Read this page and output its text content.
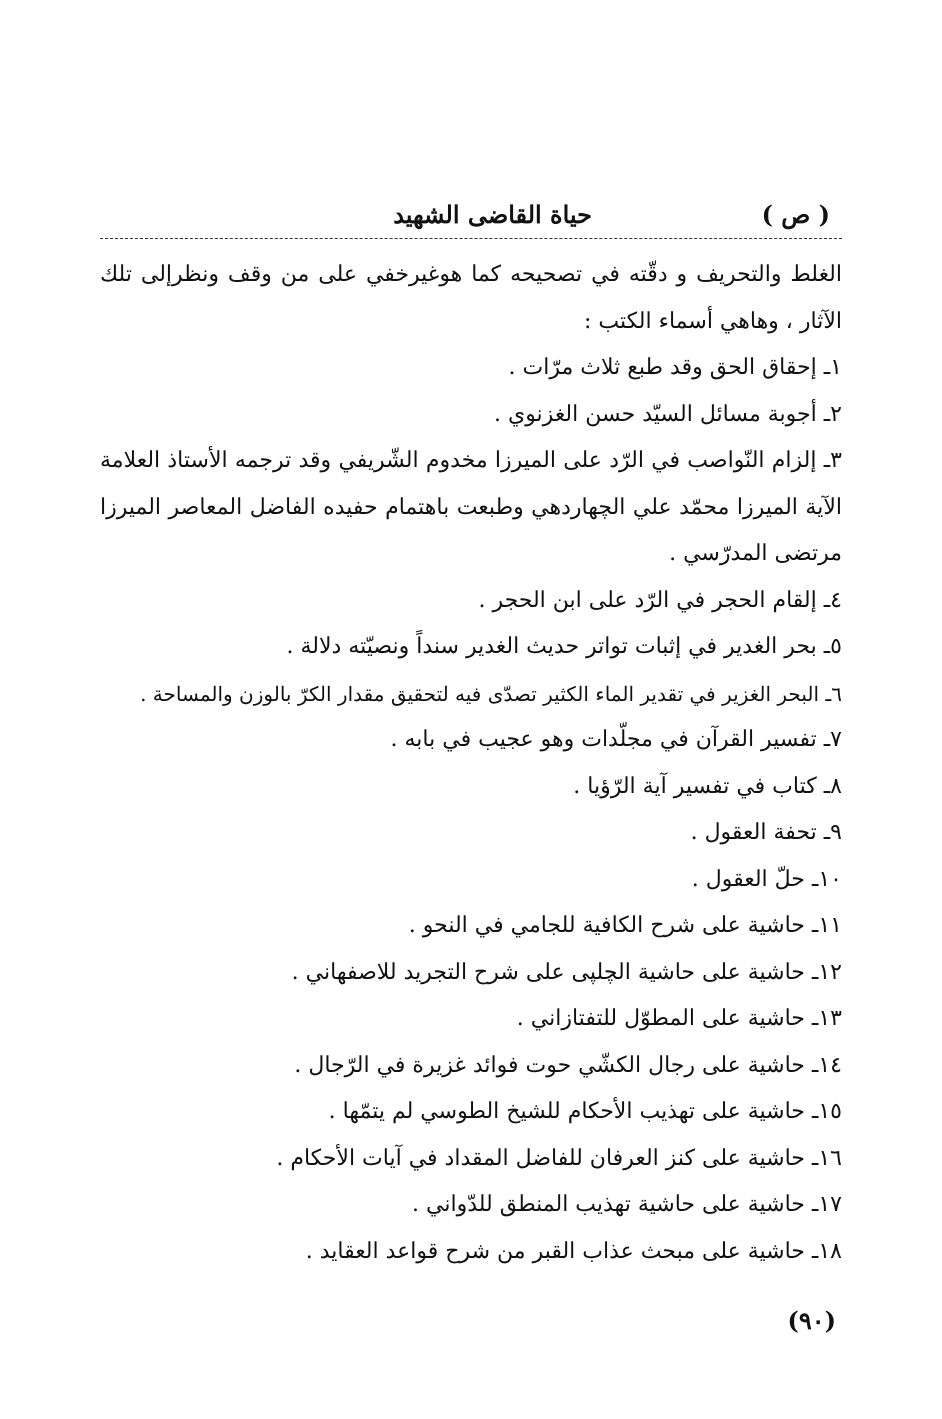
( ص )
حياة القاضى الشهيد

الغلط والتحريف و دقّته في تصحيحه كما هوغيرخفي على من وقف ونظرإلى تلك

الآثار ، وهاهي أسماء الكتب :

١ ـ إحقاق الحق وقد طبع ثلاث مرّات .
٢ ـ أجوبة مسائل السيّد حسن الغزنوي .
٣ ـ إلزام النّواصب في الرّد على الميرزا مخدوم الشّريفي وقد ترجمه الأستاذ العلامة الآية الميرزا محمّد علي الچهاردهي وطبعت باهتمام حفيده الفاضل المعاصر الميرزا مرتضى المدرّسي .
٤ ـ إلقام الحجر في الرّد على ابن الحجر .
٥ ـ بحر الغدير في إثبات تواتر حديث الغدير سنداً ونصيّته دلالة .
٦ ـ البحر الغزير في تقدير الماء الكثير تصدّى فيه لتحقيق مقدار الكرّ بالوزن والمساحة .
٧ ـ تفسير القرآن في مجلّدات وهو عجيب في بابه .
٨ ـ كتاب في تفسير آية الرّؤيا .
٩ ـ تحفة العقول .
١٠ ـ حلّ العقول .
١١ ـ حاشية على شرح الكافية للجامي في النحو .
١٢ ـ حاشية على حاشية الچلپى على شرح التجريد للاصفهاني .
١٣ ـ حاشية على المطوّل للتفتازاني .
١٤ ـ حاشية على رجال الكشّي حوت فوائد غزيرة في الرّجال .
١٥ ـ حاشية على تهذيب الأحكام للشيخ الطوسي لم يتمّها .
١٦ ـ حاشية على كنز العرفان للفاضل المقداد في آيات الأحكام .
١٧ ـ حاشية على حاشية تهذيب المنطق للدّواني .
١٨ ـ حاشية على مبحث عذاب القبر من شرح قواعد العقايد .
(٩٠)
